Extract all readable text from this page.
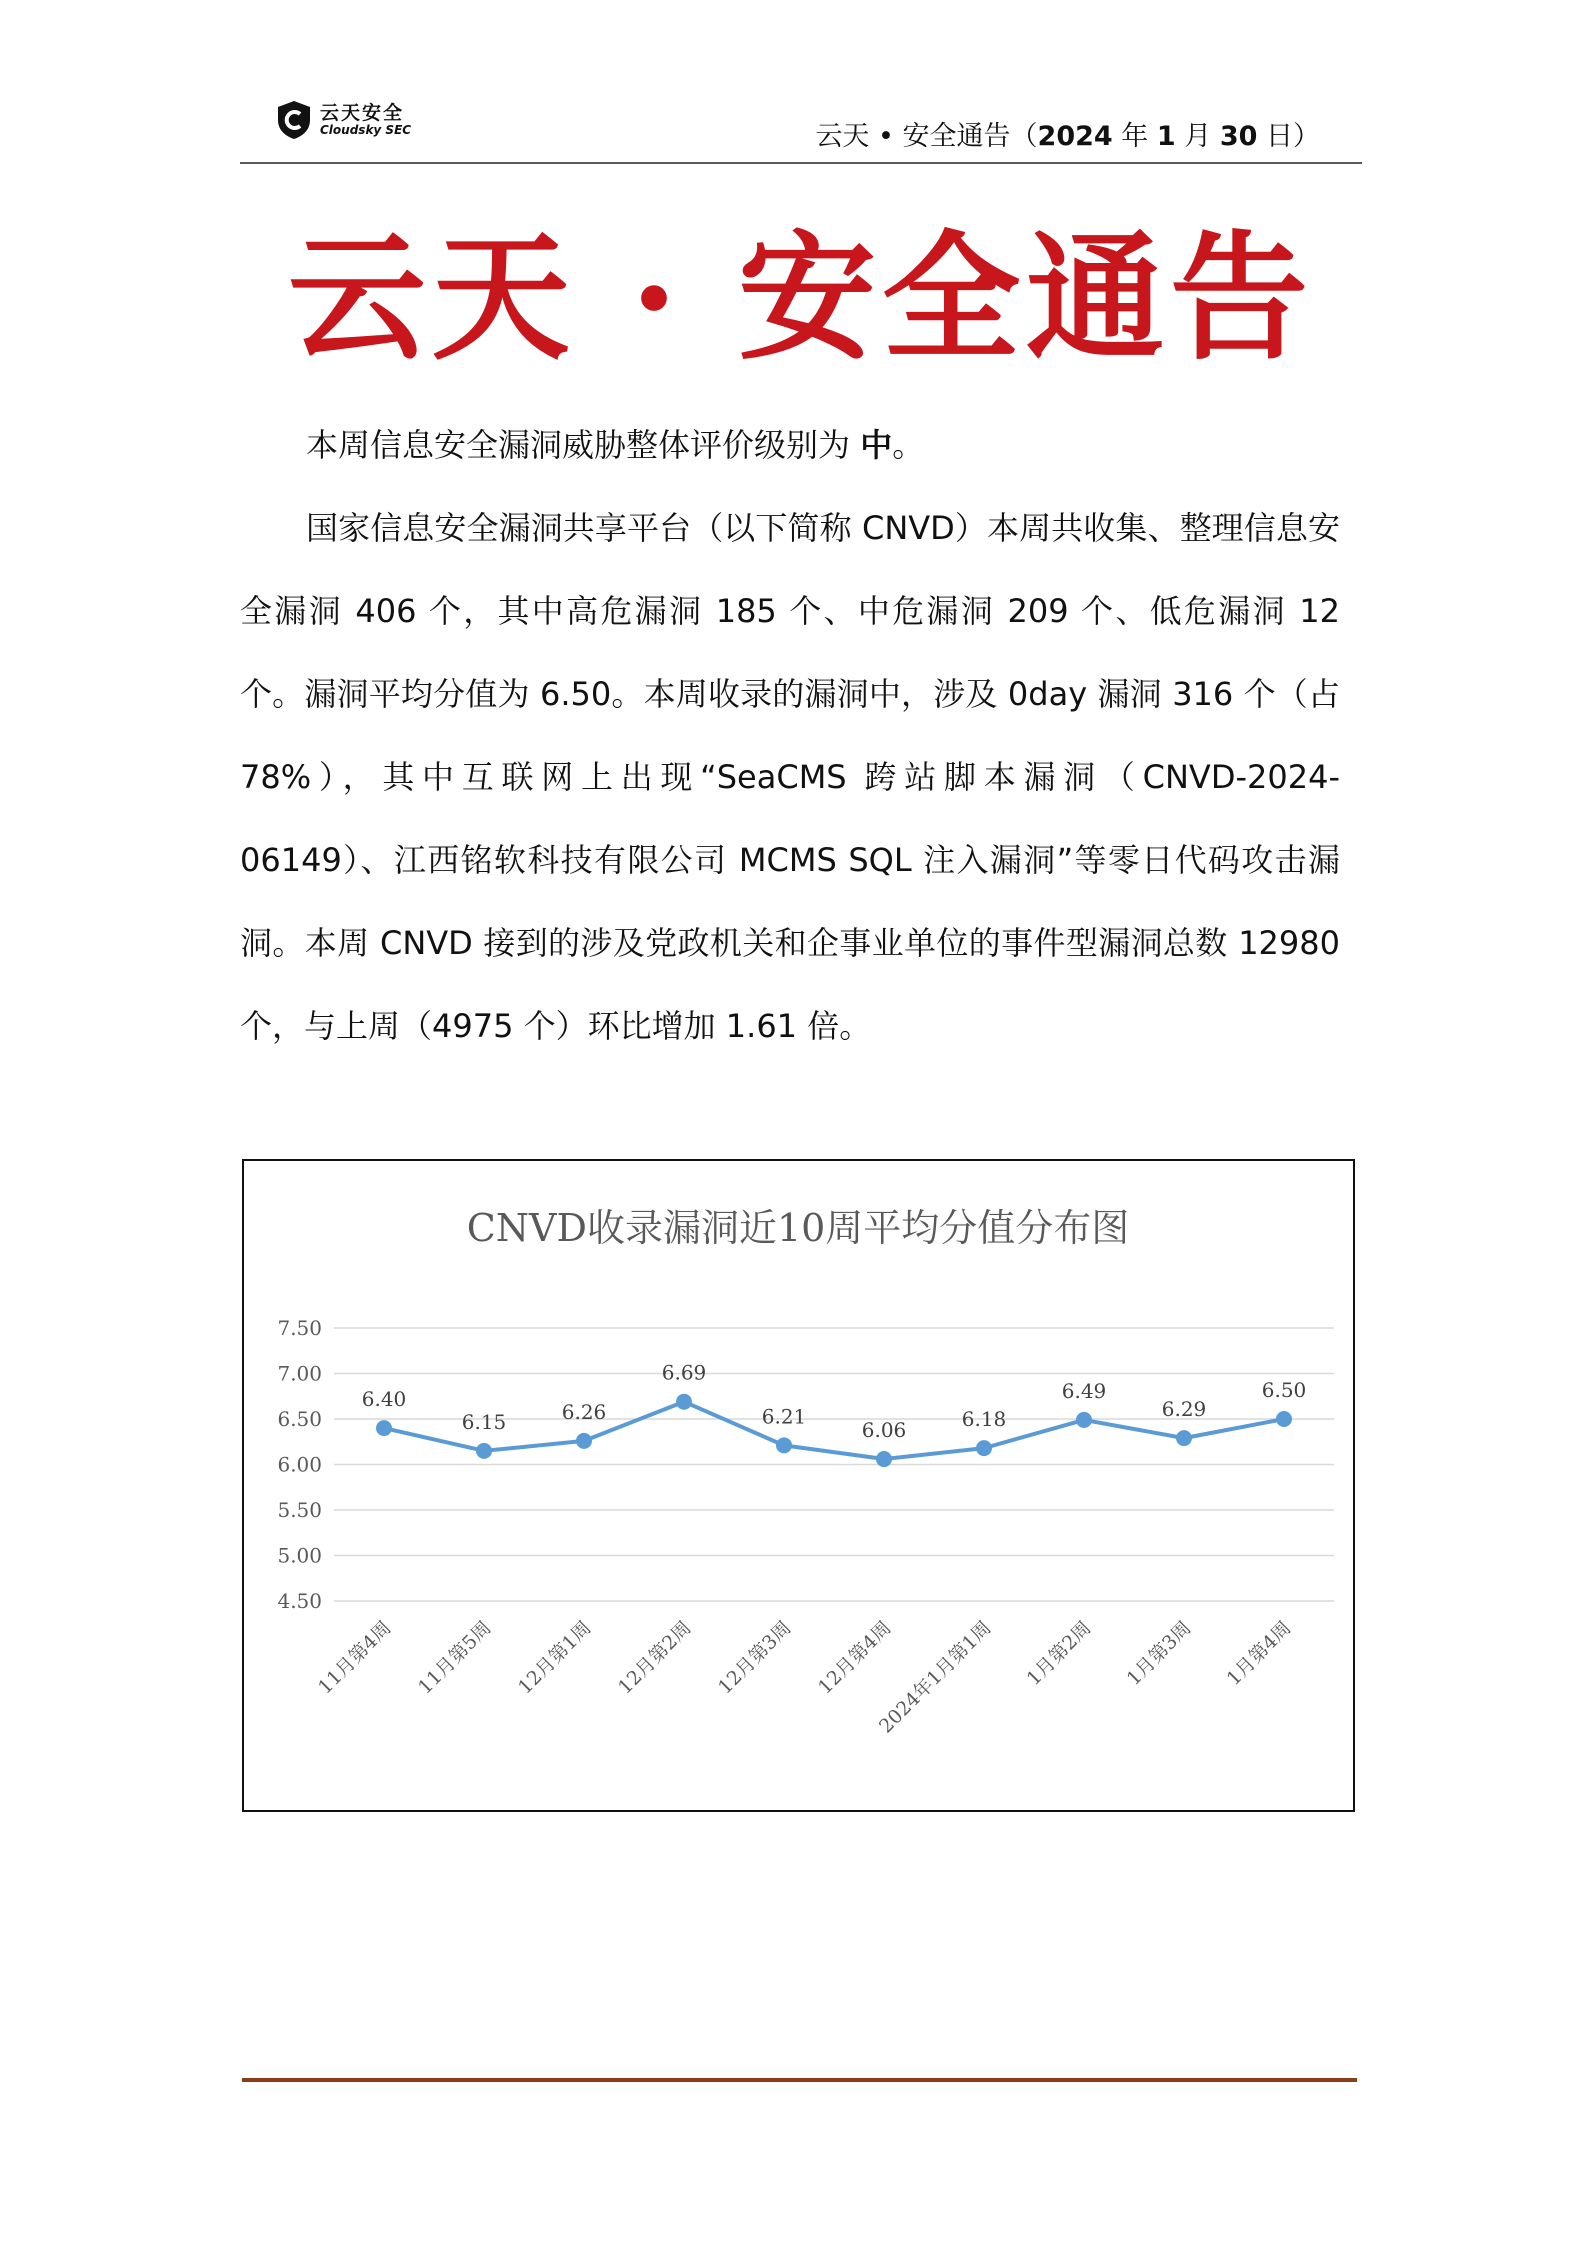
云天安全
Cloudsky SEC	云天 • 安全通告（2024 年 1 月 30 日）
云天 · 安全通告

本周信息安全漏洞威胁整体评价级别为 中。

国家信息安全漏洞共享平台（以下简称 CNVD）本周共收集、整理信息安全漏洞 406 个，其中高危漏洞 185 个、中危漏洞 209 个、低危漏洞 12 个。漏洞平均分值为 6.50。本周收录的漏洞中，涉及 0day 漏洞 316 个（占 78%），其中互联网上出现“SeaCMS 跨站脚本漏洞（CNVD-2024-06149）、江西铭软科技有限公司 MCMS SQL 注入漏洞”等零日代码攻击漏洞。本周 CNVD 接到的涉及党政机关和企事业单位的事件型漏洞总数 12980 个，与上周（4975 个）环比增加 1.61 倍。

CNVD收录漏洞近10周平均分值分布图
7.50
7.00
6.50
6.00
5.50
5.00
4.50
6.40
6.15	6.26
6.69
6.21
6.06	6.18
6.49
6.29
6.50
11月第4周 11月第5周 12月第1周 12月第2周 12月第3周 12月第4周
2024年1月第1周 1月第2周 1月第3周 1月第4周
